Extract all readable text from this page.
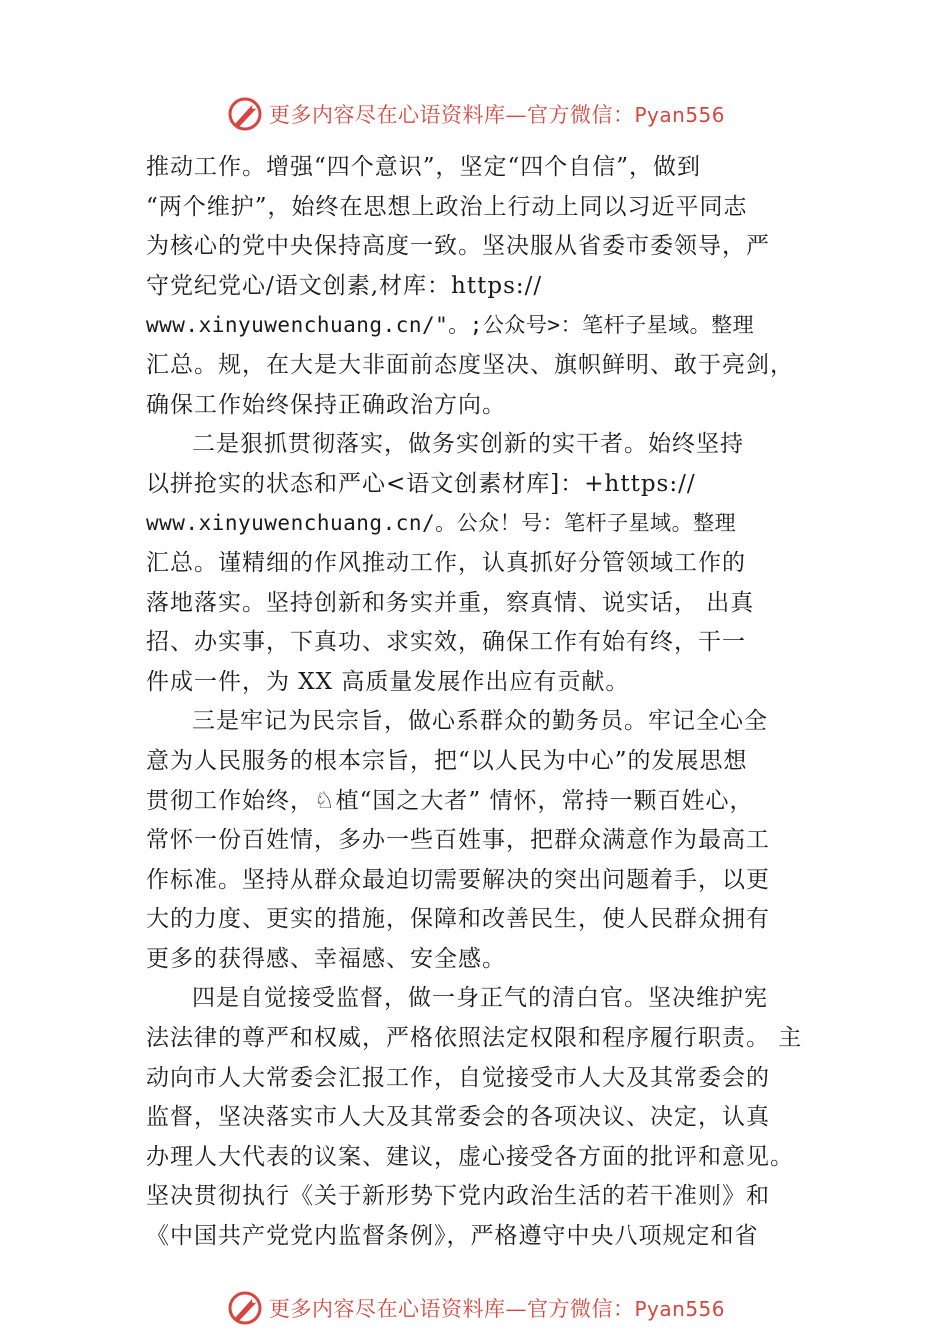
更多内容尽在心语资料库—官方微信：Pyan556
推动工作。增强“四个意识”，坚定“四个自信”，做到
“两个维护”，始终在思想上政治上行动上同以习近平同志
为核心的党中央保持高度一致。坚决服从省委市委领导，严
守党纪党心/语文创素,材库：https://
www.xinyuwenchuang.cn/"。;公众号>：笔杆子星域。整理
汇总。规，在大是大非面前态度坚决、旗帜鲜明、敢于亮剑，
确保工作始终保持正确政治方向。
二是狠抓贯彻落实，做务实创新的实干者。始终坚持
以拼抢实的状态和严心<语文创素材库]：+https://
www.xinyuwenchuang.cn/。公众！号：笔杆子星域。整理
汇总。谨精细的作风推动工作，认真抓好分管领域工作的
落地落实。坚持创新和务实并重，察真情、说实话， 出真
招、办实事，下真功、求实效，确保工作有始有终，干一
件成一件，为 XX 高质量发展作出应有贡献。
三是牢记为民宗旨，做心系群众的勤务员。牢记全心全
意为人民服务的根本宗旨，把“以人民为中心”的发展思想
贯彻工作始终，♘植“国之大者” 情怀，常持一颗百姓心，
常怀一份百姓情，多办一些百姓事，把群众满意作为最高工
作标准。坚持从群众最迫切需要解决的突出问题着手，以更
大的力度、更实的措施，保障和改善民生，使人民群众拥有
更多的获得感、幸福感、安全感。
四是自觉接受监督，做一身正气的清白官。坚决维护宪
法法律的尊严和权威，严格依照法定权限和程序履行职责。 主
动向市人大常委会汇报工作，自觉接受市人大及其常委会的
监督，坚决落实市人大及其常委会的各项决议、决定，认真
办理人大代表的议案、建议，虚心接受各方面的批评和意见。
坚决贯彻执行《关于新形势下党内政治生活的若干准则》和
《中国共产党党内监督条例》，严格遵守中央八项规定和省
更多内容尽在心语资料库—官方微信：Pyan556
